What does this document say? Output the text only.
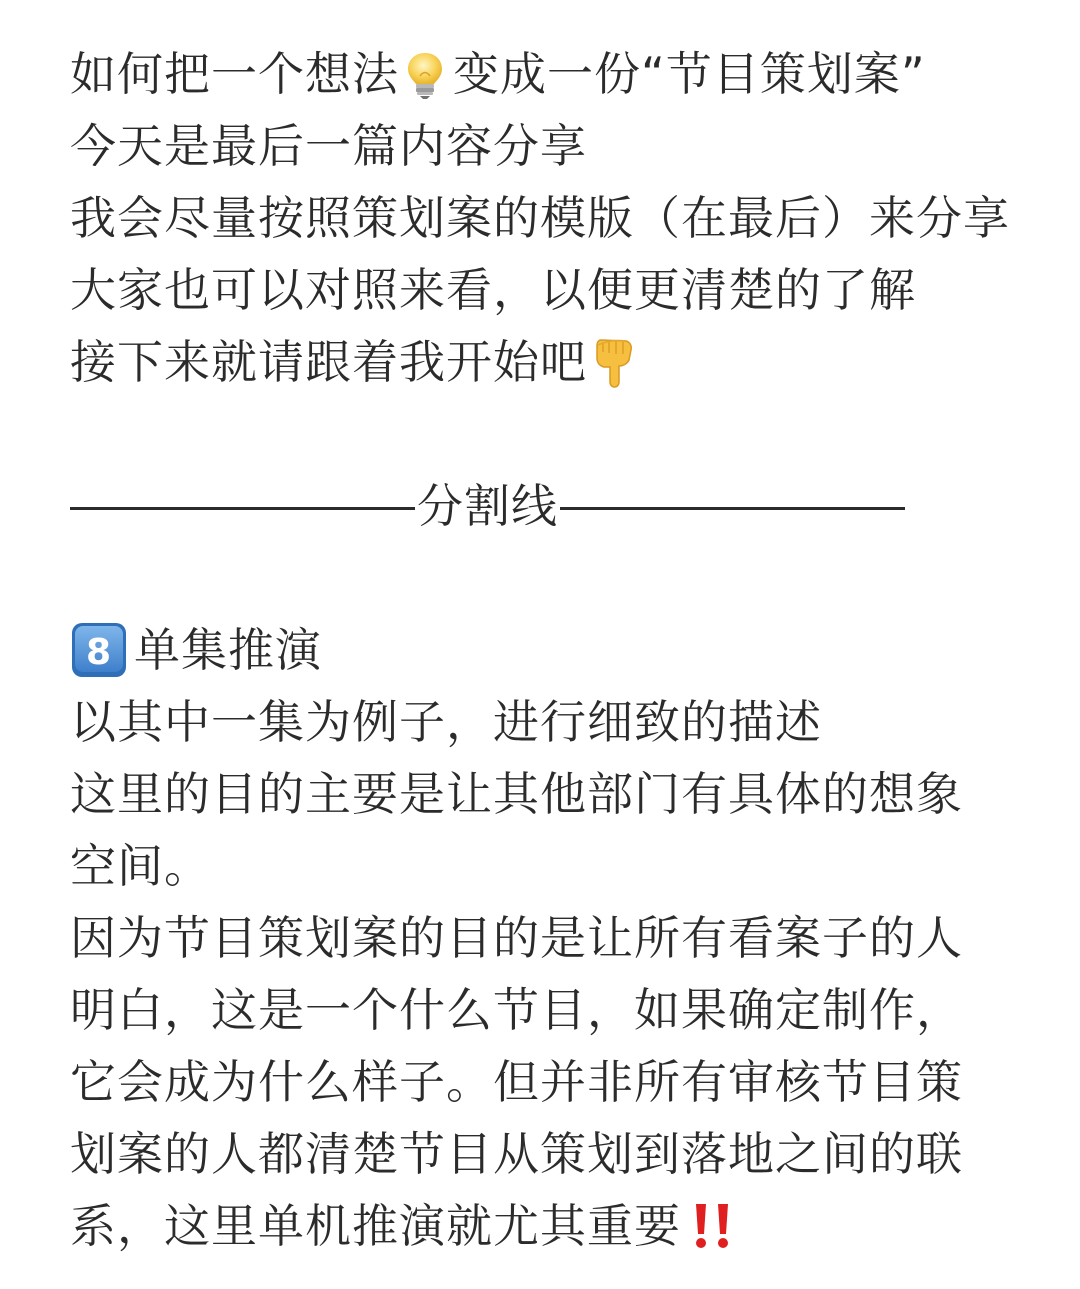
如何把一个想法 变成一份“节目策划案”
今天是最后一篇内容分享
我会尽量按照策划案的模版（在最后）来分享
大家也可以对照来看，以便更清楚的了解
接下来就请跟着我开始吧
分割线
8 单集推演
以其中一集为例子，进行细致的描述
这里的目的主要是让其他部门有具体的想象
空间。
因为节目策划案的目的是让所有看案子的人
明白，这是一个什么节目，如果确定制作，
它会成为什么样子。但并非所有审核节目策
划案的人都清楚节目从策划到落地之间的联
系，这里单机推演就尤其重要
